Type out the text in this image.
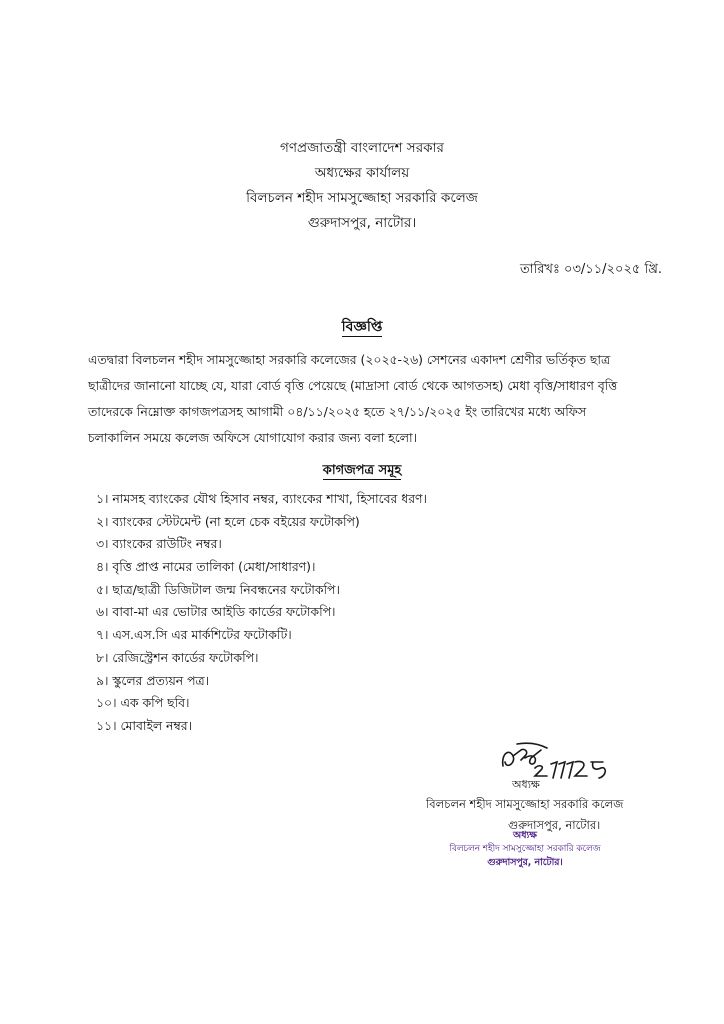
গণপ্রজাতন্ত্রী বাংলাদেশ সরকার
অধ্যক্ষের কার্যালয়
বিলচলন শহীদ সামসুজ্জোহা সরকারি কলেজ
গুরুদাসপুর, নাটোর।
তারিখঃ ০৩/১১/২০২৫ খ্রি.
বিজ্ঞপ্তি
এতদ্বারা বিলচলন শহীদ সামসুজ্জোহা সরকারি কলেজের (২০২৫-২৬) সেশনের একাদশ শ্রেণীর ভর্তিকৃত ছাত্র
ছাত্রীদের জানানো যাচ্ছে যে, যারা বোর্ড বৃত্তি পেয়েছে (মাদ্রাসা বোর্ড থেকে আগতসহ) মেধা বৃত্তি/সাধারণ বৃত্তি
তাদেরকে নিম্নোক্ত কাগজপত্রসহ আগামী ০৪/১১/২০২৫ হতে ২৭/১১/২০২৫ ইং তারিখের মধ্যে অফিস
চলাকালিন সময়ে কলেজ অফিসে যোগাযোগ করার জন্য বলা হলো।
কাগজপত্র সমূহ
১। নামসহ ব্যাংকের যৌথ হিসাব নম্বর, ব্যাংকের শাখা, হিসাবের ধরণ।
২। ব্যাংকের স্টেটমেন্ট (না হলে চেক বইয়ের ফটোকপি)
৩। ব্যাংকের রাউটিং নম্বর।
৪। বৃত্তি প্রাপ্ত নামের তালিকা (মেধা/সাধারণ)।
৫। ছাত্র/ছাত্রী ডিজিটাল জন্ম নিবন্ধনের ফটোকপি।
৬। বাবা-মা এর ভোটার আইডি কার্ডের ফটোকপি।
৭। এস.এস.সি এর মার্কশিটের ফটোকটি।
৮। রেজিস্ট্রেশন কার্ডের ফটোকপি।
৯। স্কুলের প্রত্যয়ন পত্র।
১০। এক কপি ছবি।
১১। মোবাইল নম্বর।
অধ্যক্ষ
বিলচলন শহীদ সামসুজ্জোহা সরকারি কলেজ
গুরুদাসপুর, নাটোর।
অধ্যক্ষ
বিলচলন শহীদ সামসুজ্জোহা সরকারি কলেজ
গুরুদাসপুর, নাটোর।
